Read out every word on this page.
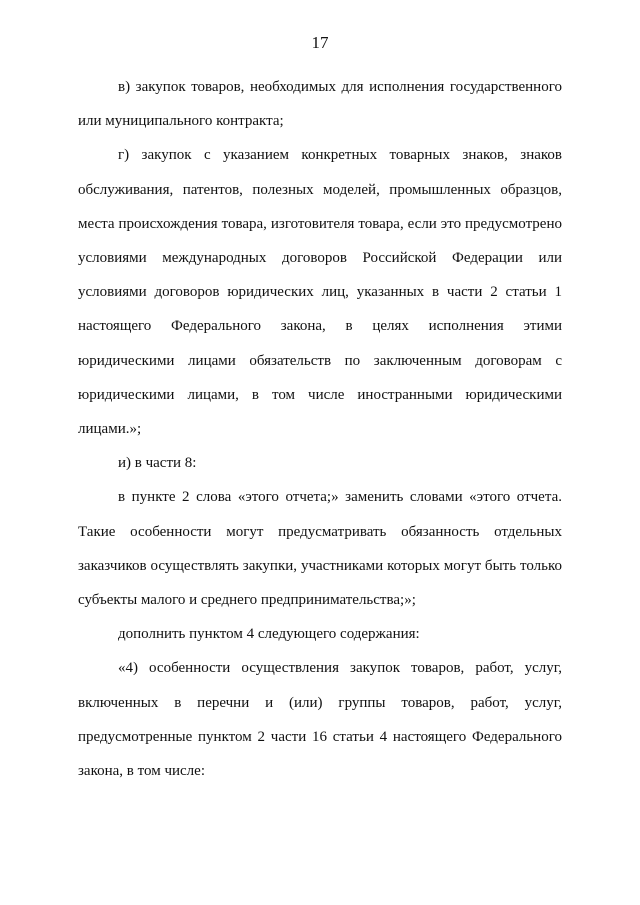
17

в) закупок товаров, необходимых для исполнения государственного или муниципального контракта;

г) закупок с указанием конкретных товарных знаков, знаков обслуживания, патентов, полезных моделей, промышленных образцов, места происхождения товара, изготовителя товара, если это предусмотрено условиями международных договоров Российской Федерации или условиями договоров юридических лиц, указанных в части 2 статьи 1 настоящего Федерального закона, в целях исполнения этими юридическими лицами обязательств по заключенным договорам с юридическими лицами, в том числе иностранными юридическими лицами.»;

и) в части 8:

в пункте 2 слова «этого отчета;» заменить словами «этого отчета. Такие особенности могут предусматривать обязанность отдельных заказчиков осуществлять закупки, участниками которых могут быть только субъекты малого и среднего предпринимательства;»;

дополнить пунктом 4 следующего содержания:

«4) особенности осуществления закупок товаров, работ, услуг, включенных в перечни и (или) группы товаров, работ, услуг, предусмотренные пунктом 2 части 16 статьи 4 настоящего Федерального закона, в том числе:
